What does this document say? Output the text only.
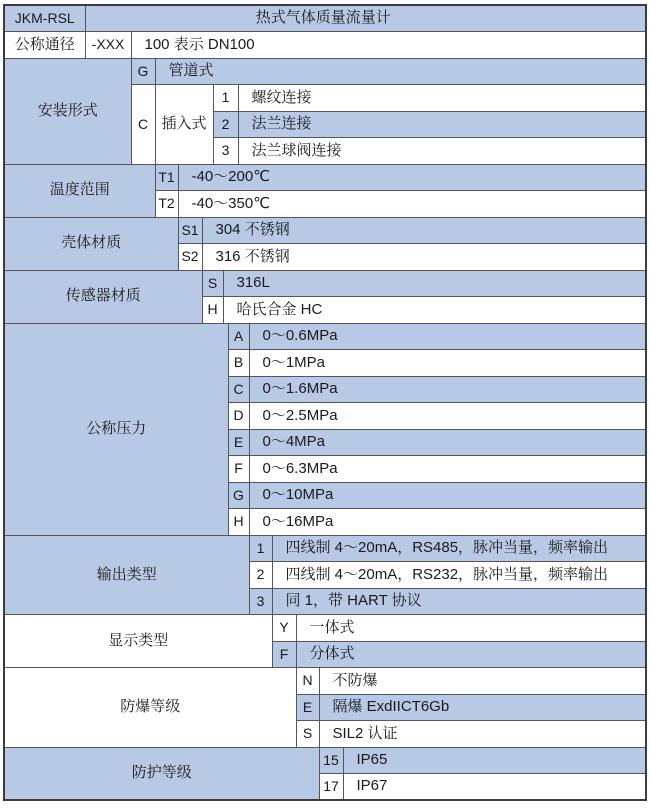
JKM-RSL	热式气体质量流量计													
公称通径	-XXX	100 表示 DN100												
安装形式		G	管道式											
		C	插入式			1			螺纹连接					
						2			法兰连接					
						3			法兰球阀连接					
温度范围			T1	-40～200℃										
			T2	-40～350℃										
壳体材质				S1	304 不锈钢									
				S2	316 不锈钢									
传感器材质					S		316L							
					H		哈氏合金 HC							
公称压力								A		0～0.6MPa				
								B		0～1MPa				
								C		0～1.6MPa				
								D		0～2.5MPa				
								E		0～4MPa				
								F		0～6.3MPa				
								G		0～10MPa				
								H		0～16MPa				
输出类型										1	四线制 4～20mA，RS485，脉冲当量，频率输出			
										2	四线制 4～20mA，RS232，脉冲当量，频率输出			
										3	同 1，带 HART 协议			
显示类型											Y	一体式		
											F	分体式		
防爆等级												N	不防爆	
												E	隔爆 ExdIICT6Gb	
												S	SIL2 认证	
防护等级													15	IP65
													17	IP67
